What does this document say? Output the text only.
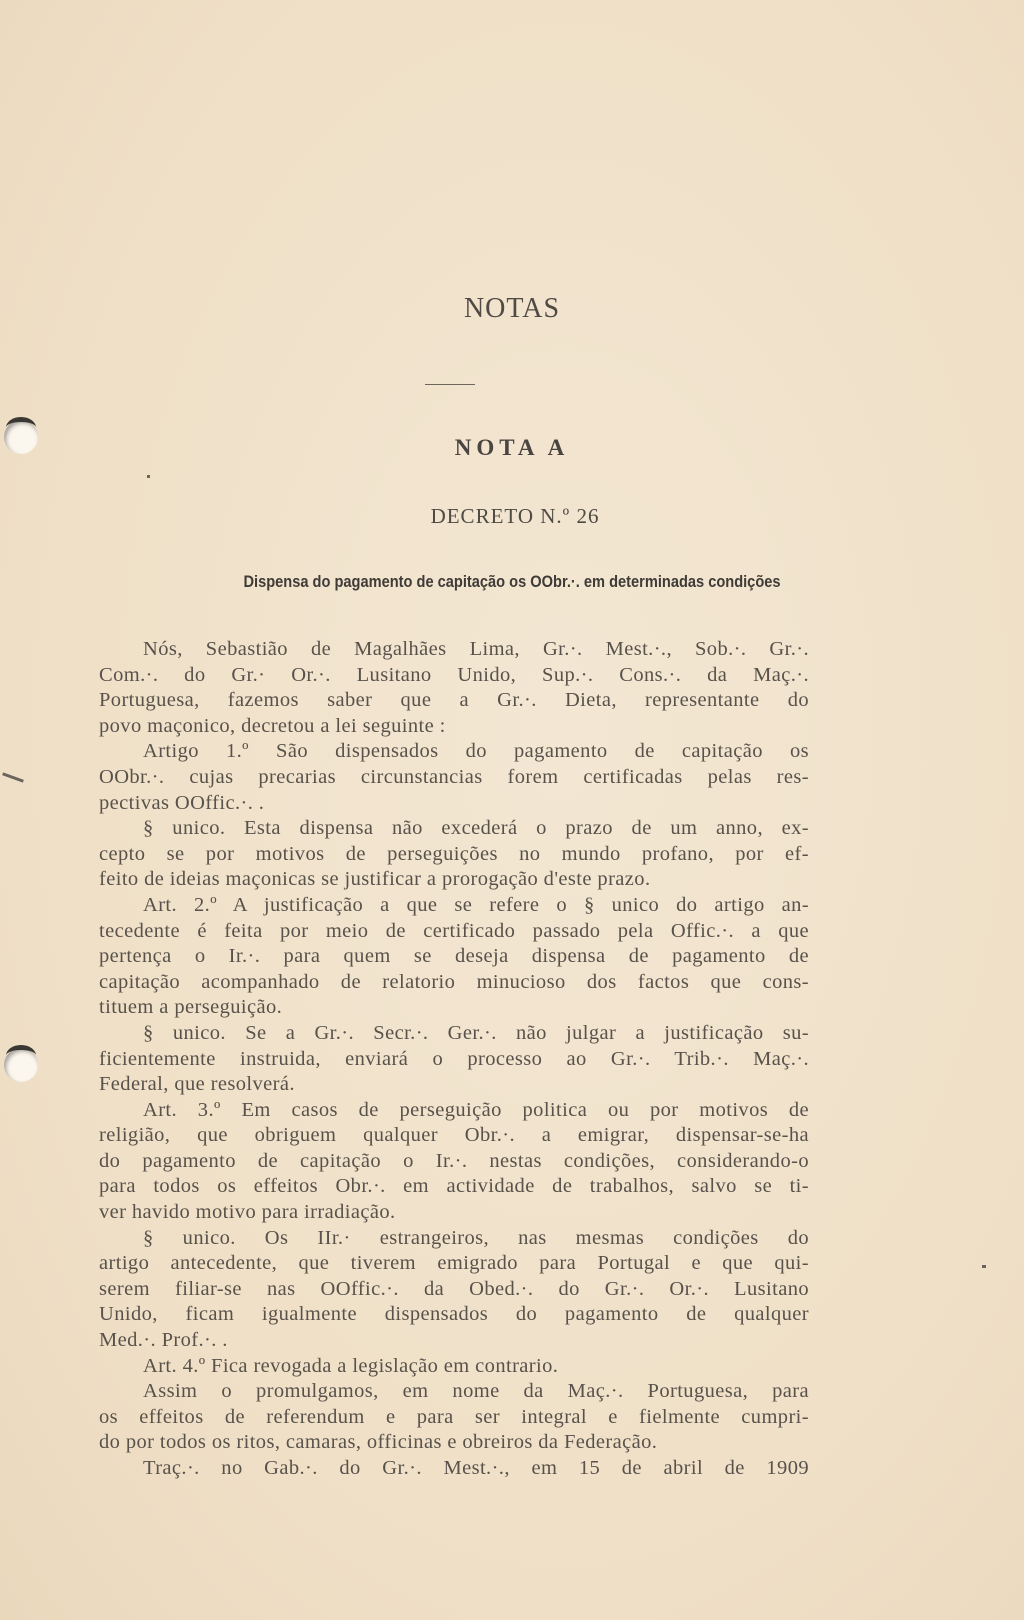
NOTAS
NOTA A
DECRETO N.º 26
Dispensa do pagamento de capitação os OObr.·. em determinadas condições
Nós, Sebastião de Magalhães Lima, Gr.·. Mest.·., Sob.·. Gr.·.
Com.·. do Gr.· Or.·. Lusitano Unido, Sup.·. Cons.·. da Maç.·.
Portuguesa, fazemos saber que a Gr.·. Dieta, representante do
povo maçonico, decretou a lei seguinte :
Artigo 1.º São dispensados do pagamento de capitação os
OObr.·. cujas precarias circunstancias forem certificadas pelas res-
pectivas OOffic.·. .
§ unico. Esta dispensa não excederá o prazo de um anno, ex-
cepto se por motivos de perseguições no mundo profano, por ef-
feito de ideias maçonicas se justificar a prorogação d'este prazo.
Art. 2.º A justificação a que se refere o § unico do artigo an-
tecedente é feita por meio de certificado passado pela Offic.·. a que
pertença o Ir.·. para quem se deseja dispensa de pagamento de
capitação acompanhado de relatorio minucioso dos factos que cons-
tituem a perseguição.
§ unico. Se a Gr.·. Secr.·. Ger.·. não julgar a justificação su-
ficientemente instruida, enviará o processo ao Gr.·. Trib.·. Maç.·.
Federal, que resolverá.
Art. 3.º Em casos de perseguição politica ou por motivos de
religião, que obriguem qualquer Obr.·. a emigrar, dispensar-se-ha
do pagamento de capitação o Ir.·. nestas condições, considerando-o
para todos os effeitos Obr.·. em actividade de trabalhos, salvo se ti-
ver havido motivo para irradiação.
§ unico. Os IIr.· estrangeiros, nas mesmas condições do
artigo antecedente, que tiverem emigrado para Portugal e que qui-
serem filiar-se nas OOffic.·. da Obed.·. do Gr.·. Or.·. Lusitano
Unido, ficam igualmente dispensados do pagamento de qualquer
Med.·. Prof.·. .
Art. 4.º Fica revogada a legislação em contrario.
Assim o promulgamos, em nome da Maç.·. Portuguesa, para
os effeitos de referendum e para ser integral e fielmente cumpri-
do por todos os ritos, camaras, officinas e obreiros da Federação.
Traç.·. no Gab.·. do Gr.·. Mest.·., em 15 de abril de 1909
